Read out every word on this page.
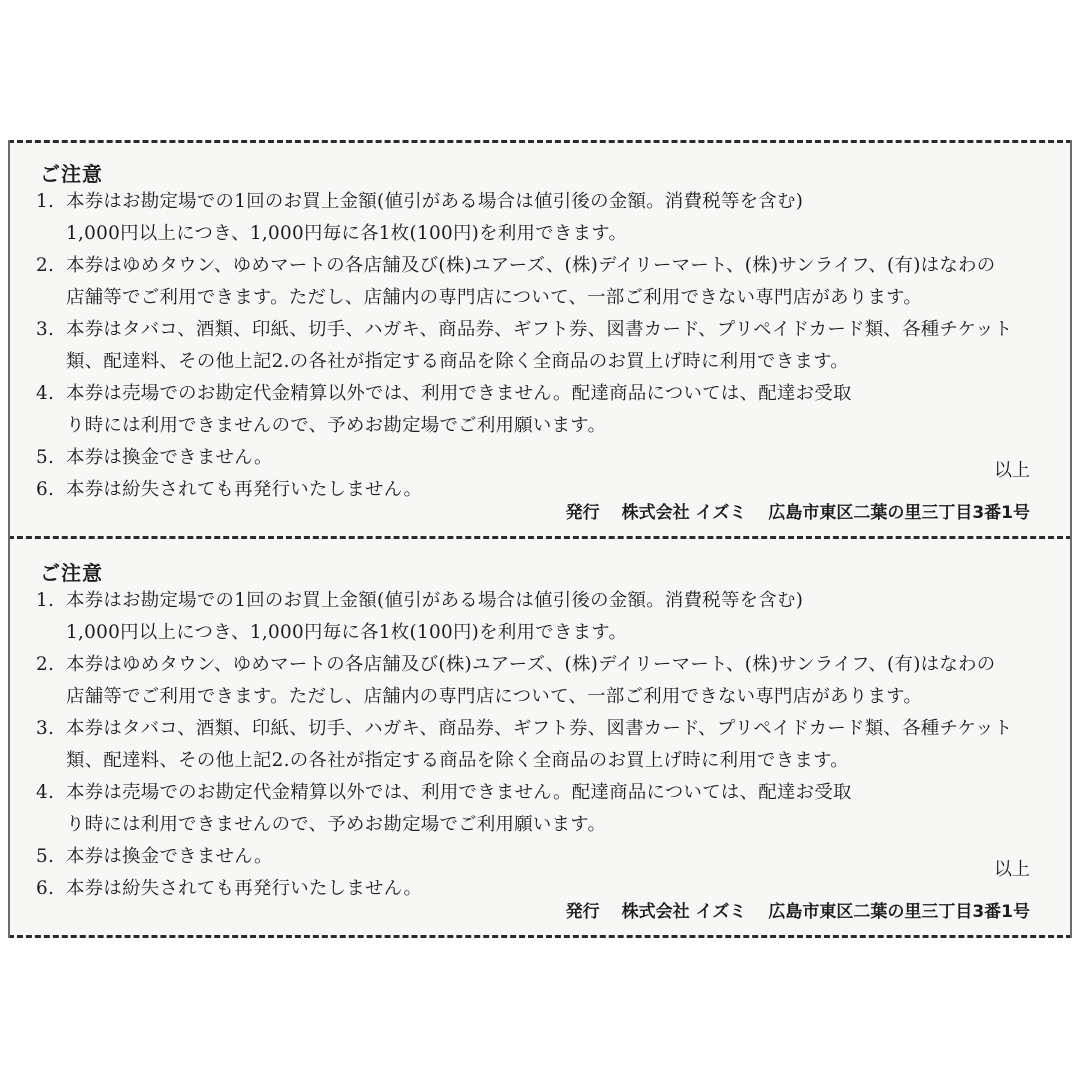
ご注意
1. 本券はお勘定場での1回のお買上金額(値引がある場合は値引後の金額。消費税等を含む)
1,000円以上につき、1,000円毎に各1枚(100円)を利用できます。
2. 本券はゆめタウン、ゆめマートの各店舗及び(株)ユアーズ、(株)デイリーマート、(株)サンライフ、(有)はなわの
店舗等でご利用できます。ただし、店舗内の専門店について、一部ご利用できない専門店があります。
3. 本券はタバコ、酒類、印紙、切手、ハガキ、商品券、ギフト券、図書カード、プリペイドカード類、各種チケット
類、配達料、その他上記2.の各社が指定する商品を除く全商品のお買上げ時に利用できます。
4. 本券は売場でのお勘定代金精算以外では、利用できません。配達商品については、配達お受取
り時には利用できませんので、予めお勘定場でご利用願います。
5. 本券は換金できません。
6. 本券は紛失されても再発行いたしません。
以上
発行 株式会社 イズミ 広島市東区二葉の里三丁目3番1号
ご注意
1. 本券はお勘定場での1回のお買上金額(値引がある場合は値引後の金額。消費税等を含む)
1,000円以上につき、1,000円毎に各1枚(100円)を利用できます。
2. 本券はゆめタウン、ゆめマートの各店舗及び(株)ユアーズ、(株)デイリーマート、(株)サンライフ、(有)はなわの
店舗等でご利用できます。ただし、店舗内の専門店について、一部ご利用できない専門店があります。
3. 本券はタバコ、酒類、印紙、切手、ハガキ、商品券、ギフト券、図書カード、プリペイドカード類、各種チケット
類、配達料、その他上記2.の各社が指定する商品を除く全商品のお買上げ時に利用できます。
4. 本券は売場でのお勘定代金精算以外では、利用できません。配達商品については、配達お受取
り時には利用できませんので、予めお勘定場でご利用願います。
5. 本券は換金できません。
6. 本券は紛失されても再発行いたしません。
以上
発行 株式会社 イズミ 広島市東区二葉の里三丁目3番1号
